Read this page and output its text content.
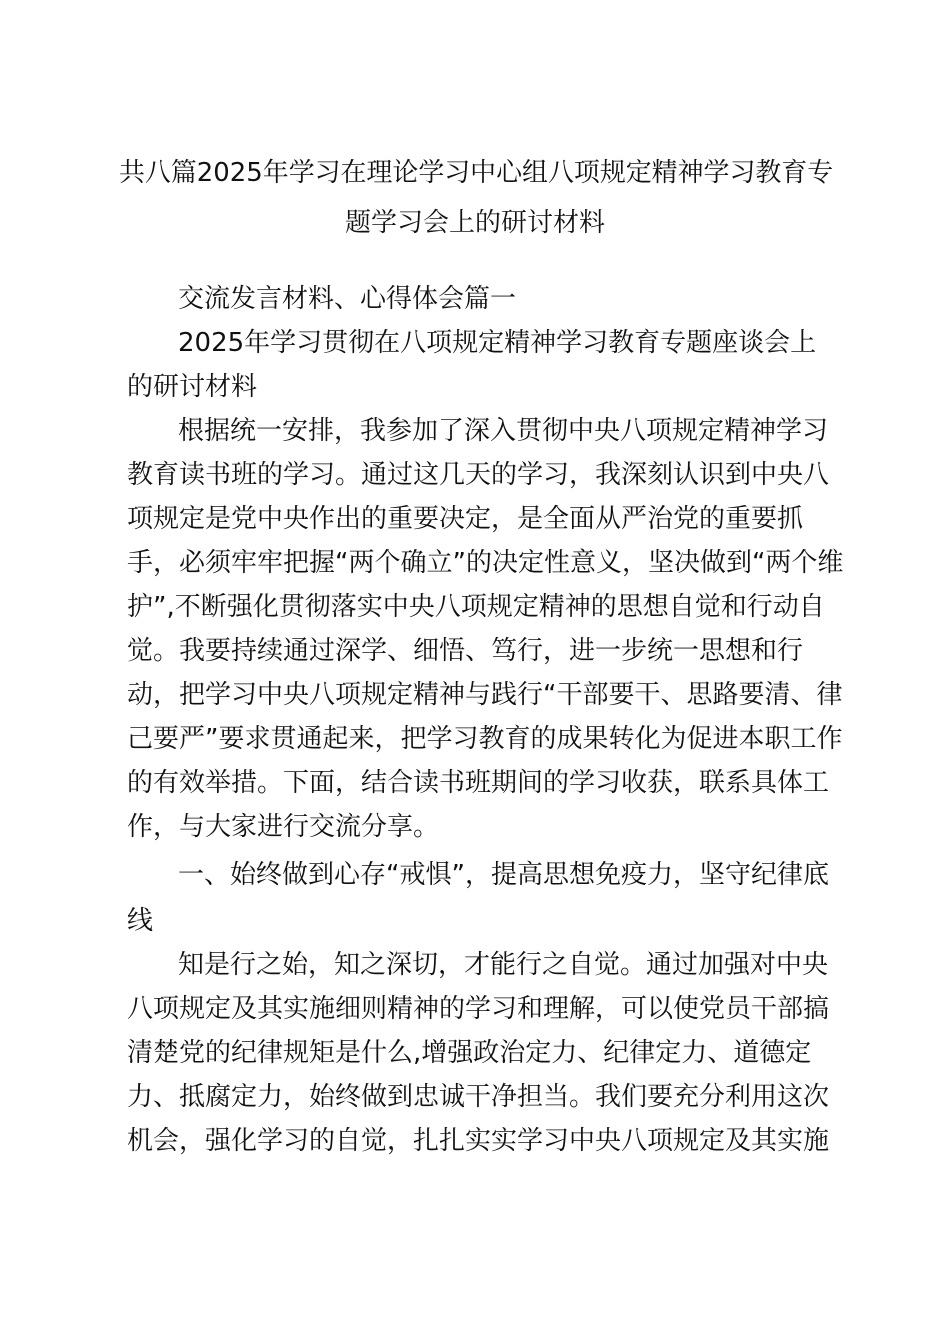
共八篇2025年学习在理论学习中心组八项规定精神学习教育专
题学习会上的研讨材料
交流发言材料、心得体会篇一
2025年学习贯彻在八项规定精神学习教育专题座谈会上
的研讨材料
根据统一安排，我参加了深入贯彻中央八项规定精神学习
教育读书班的学习。通过这几天的学习，我深刻认识到中央八
项规定是党中央作出的重要决定，是全面从严治党的重要抓
手，必须牢牢把握“两个确立”的决定性意义，坚决做到“两个维
护”,不断强化贯彻落实中央八项规定精神的思想自觉和行动自
觉。我要持续通过深学、细悟、笃行，进一步统一思想和行
动，把学习中央八项规定精神与践行“干部要干、思路要清、律
己要严”要求贯通起来，把学习教育的成果转化为促进本职工作
的有效举措。下面，结合读书班期间的学习收获，联系具体工
作，与大家进行交流分享。
一、始终做到心存“戒惧”，提高思想免疫力，坚守纪律底
线
知是行之始，知之深切，才能行之自觉。通过加强对中央
八项规定及其实施细则精神的学习和理解，可以使党员干部搞
清楚党的纪律规矩是什么,增强政治定力、纪律定力、道德定
力、抵腐定力，始终做到忠诚干净担当。我们要充分利用这次
机会，强化学习的自觉，扎扎实实学习中央八项规定及其实施
